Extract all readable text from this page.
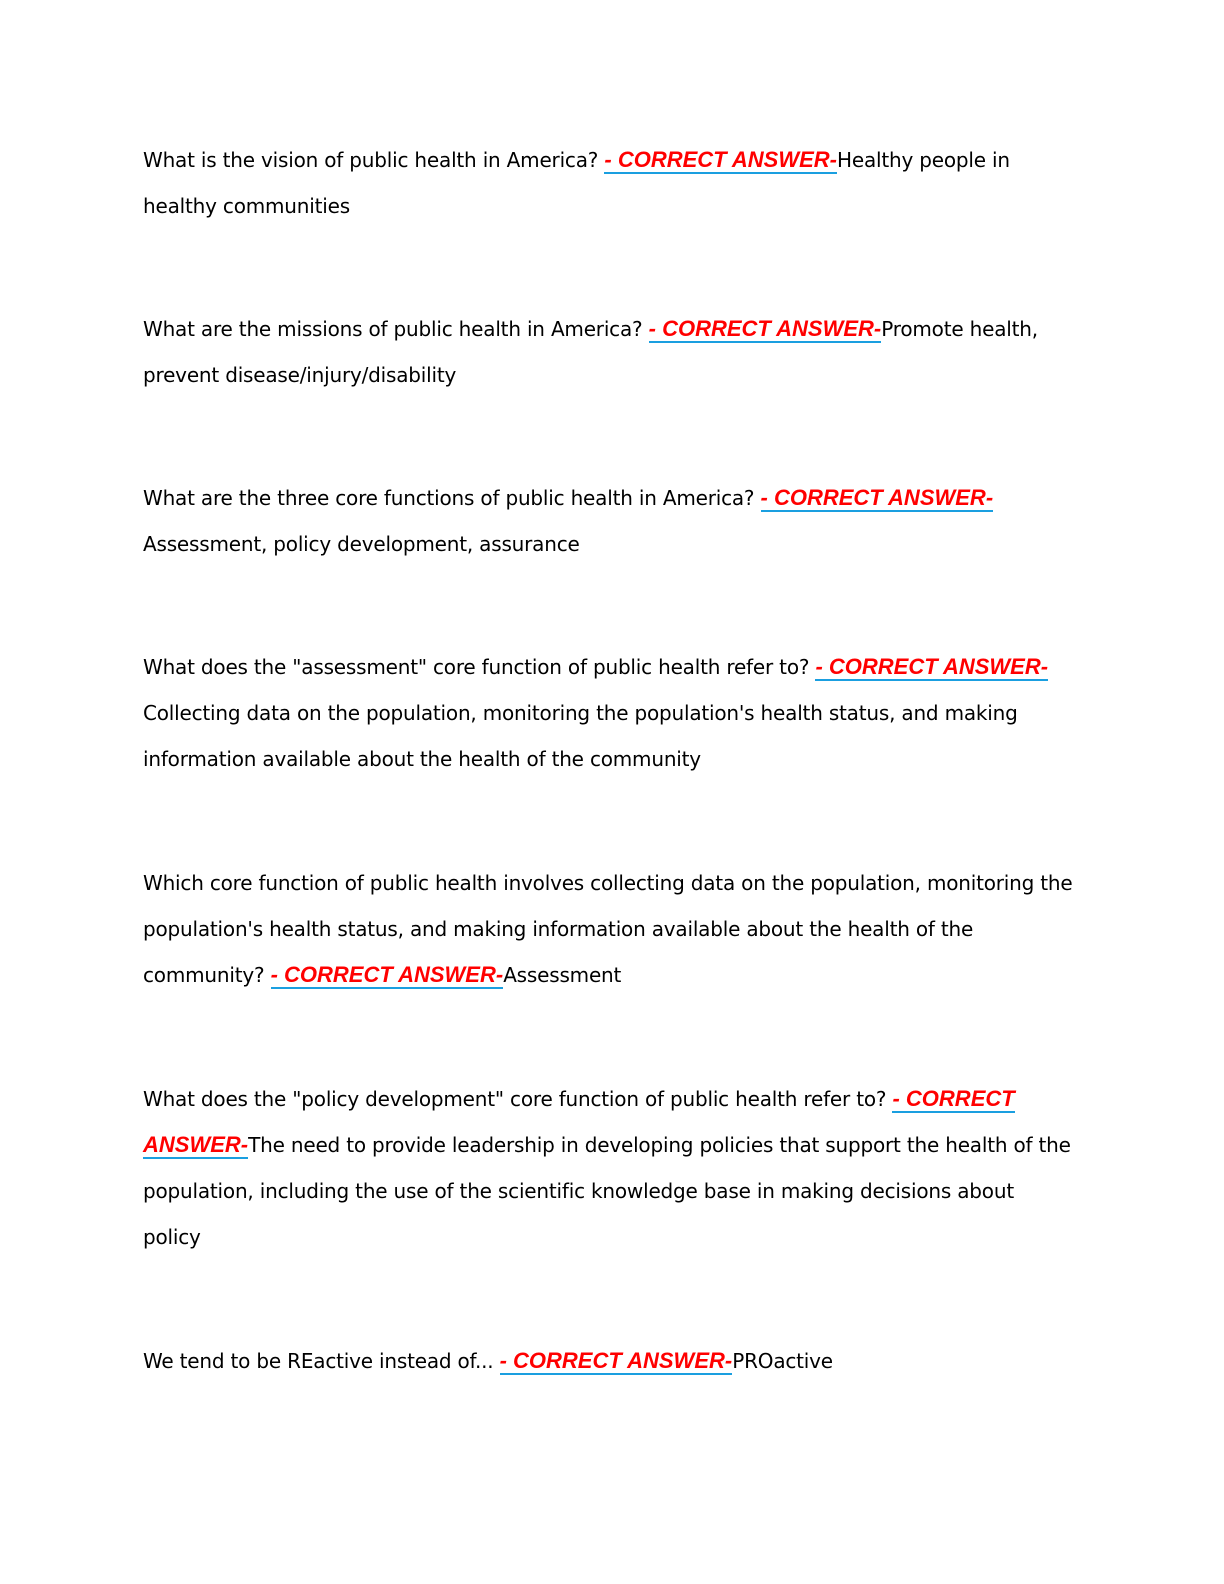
What is the vision of public health in America? - CORRECT ANSWER-Healthy people in healthy communities

What are the missions of public health in America? - CORRECT ANSWER-Promote health, prevent disease/injury/disability

What are the three core functions of public health in America? - CORRECT ANSWER-Assessment, policy development, assurance

What does the "assessment" core function of public health refer to? - CORRECT ANSWER-Collecting data on the population, monitoring the population's health status, and making information available about the health of the community

Which core function of public health involves collecting data on the population, monitoring the population's health status, and making information available about the health of the community? - CORRECT ANSWER-Assessment

What does the "policy development" core function of public health refer to? - CORRECT ANSWER-The need to provide leadership in developing policies that support the health of the population, including the use of the scientific knowledge base in making decisions about policy

We tend to be REactive instead of... - CORRECT ANSWER-PROactive
